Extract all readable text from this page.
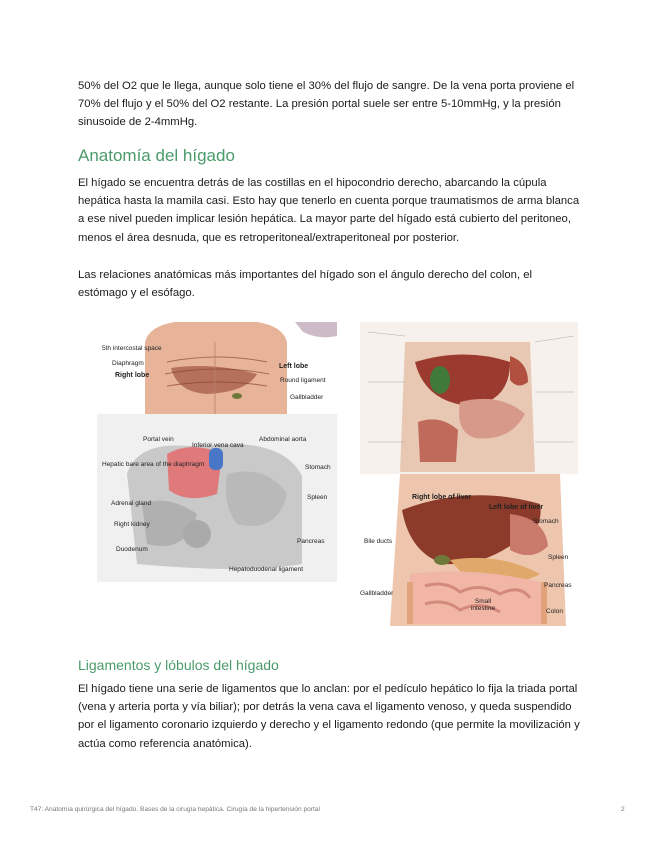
50% del O2 que le llega, aunque solo tiene el 30% del flujo de sangre. De la vena porta proviene el 70% del flujo y el 50% del O2 restante. La presión portal suele ser entre 5-10mmHg, y la presión sinusoide de 2-4mmHg.

Anatomía del hígado

El hígado se encuentra detrás de las costillas en el hipocondrio derecho, abarcando la cúpula hepática hasta la mamila casi. Esto hay que tenerlo en cuenta porque traumatismos de arma blanca a ese nivel pueden implicar lesión hepática. La mayor parte del hígado está cubierto del peritoneo, menos el área desnuda, que es retroperitoneal/extraperitoneal por posterior.

Las relaciones anatómicas más importantes del hígado son el ángulo derecho del colon, el estómago y el esófago.

5th intercostal space
Diaphragm
Right lobe
Left lobe
Round ligament
Gallbladder
Portal vein
Inferior vena cava
Abdominal aorta
Hepatic bare area of the diaphragm	Stomach
Adrenal gland
Spleen
Right kidney
Pancreas
Duodenum
Hepatoduodenal ligament
Right lobe of liver
Left lobe of liver
Stomach
Bile ducts
Spleen
Pancreas
Gallbladder
Small intestine	Colon
Ligamentos y lóbulos del hígado

El hígado tiene una serie de ligamentos que lo anclan: por el pedículo hepático lo fija la triada portal (vena y arteria porta y vía biliar); por detrás la vena cava el ligamento venoso, y queda suspendido por el ligamento coronario izquierdo y derecho y el ligamento redondo (que permite la movilización y actúa como referencia anatómica).

T47: Anatomía quirúrgica del hígado. Bases de la cirugía hepática. Cirugía de la hipertensión portal	2
